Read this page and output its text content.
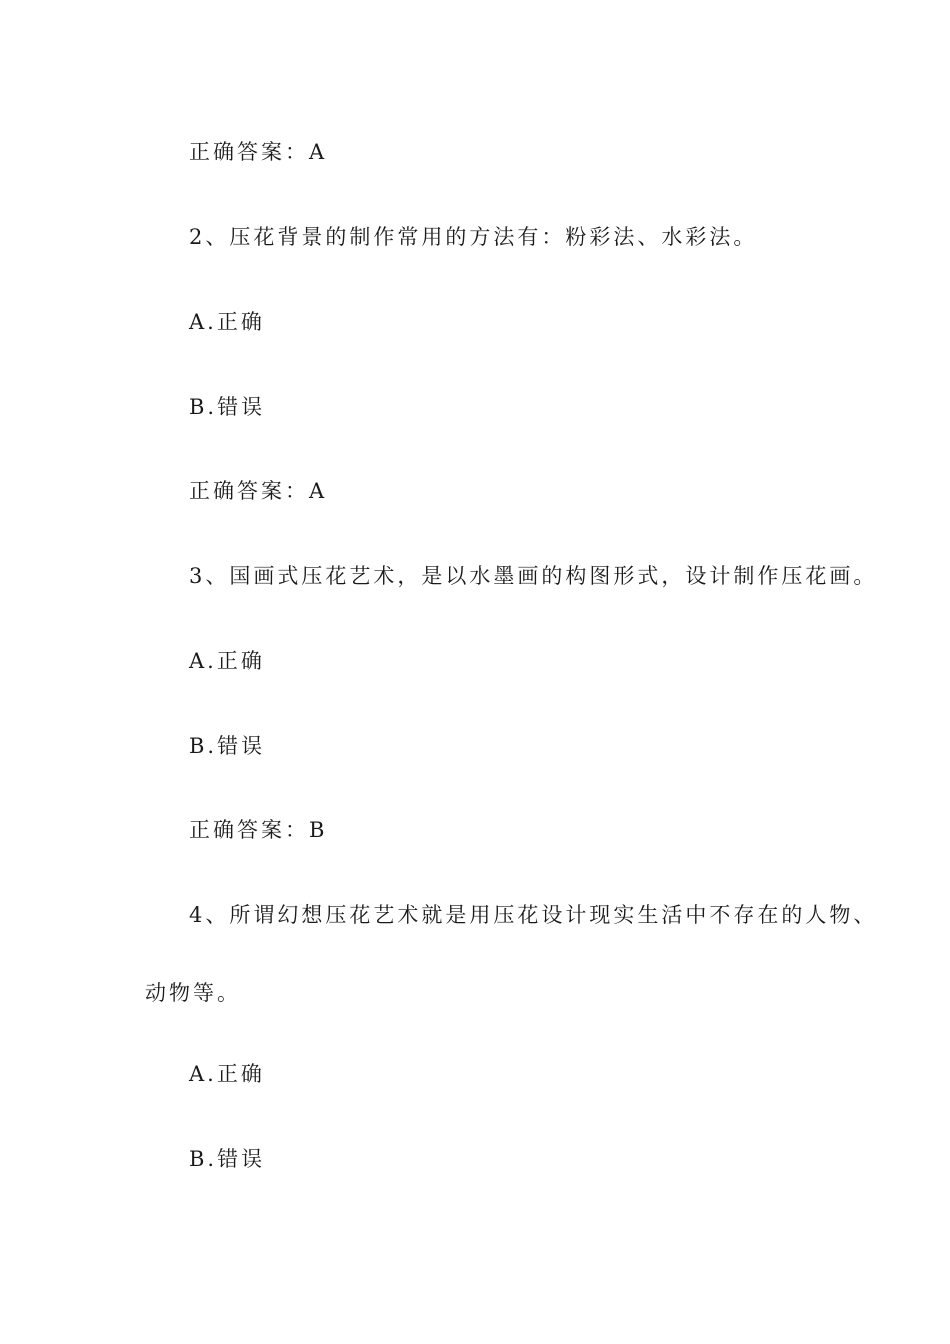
正确答案：A
2、压花背景的制作常用的方法有：粉彩法、水彩法。
A.正确
B.错误
正确答案：A
3、国画式压花艺术，是以水墨画的构图形式，设计制作压花画。
A.正确
B.错误
正确答案：B
4、所谓幻想压花艺术就是用压花设计现实生活中不存在的人物、
动物等。
A.正确
B.错误
